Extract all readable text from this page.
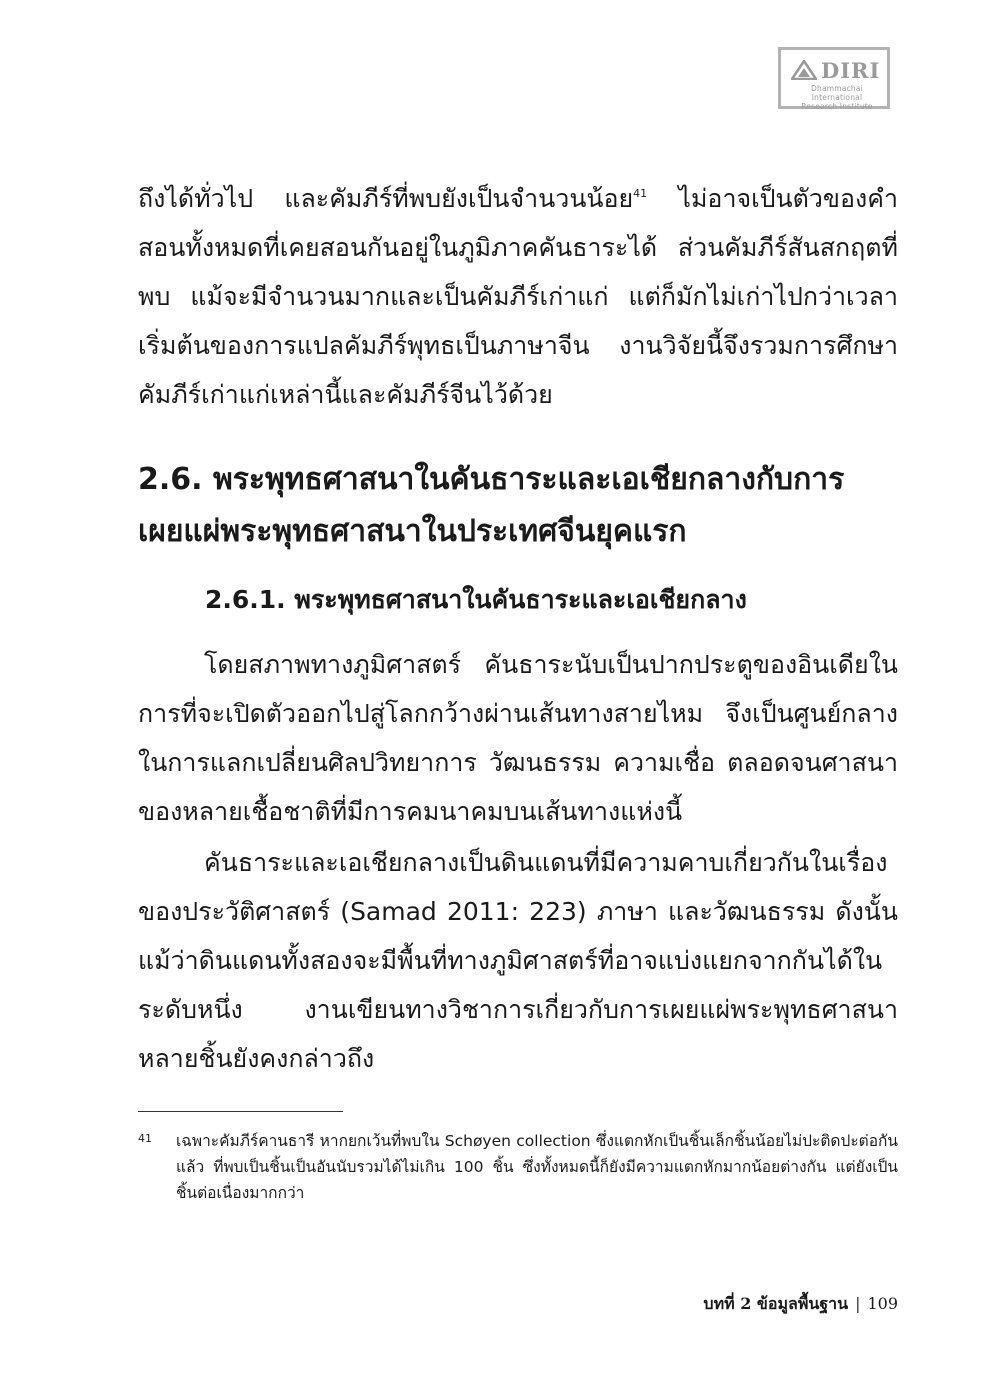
DIRI
Dhammachai International
Research Institute

ถึงได้ทั่วไป และคัมภีร์ที่พบยังเป็นจำนวนน้อย$^{41}$ ไม่อาจเป็นตัวของคำสอนทั้งหมดที่เคยสอนกันอยู่ในภูมิภาคคันธาระได้ ส่วนคัมภีร์สันสกฤตที่พบ แม้จะมีจำนวนมากและเป็นคัมภีร์เก่าแก่ แต่ก็มักไม่เก่าไปกว่าเวลาเริ่มต้นของการแปลคัมภีร์พุทธเป็นภาษาจีน งานวิจัยนี้จึงรวมการศึกษาคัมภีร์เก่าแก่เหล่านี้และคัมภีร์จีนไว้ด้วย

2.6. พระพุทธศาสนาในคันธาระและเอเชียกลางกับการเผยแผ่พระพุทธศาสนาในประเทศจีนยุคแรก
2.6.1. พระพุทธศาสนาในคันธาระและเอเชียกลาง

โดยสภาพทางภูมิศาสตร์ คันธาระนับเป็นปากประตูของอินเดียในการที่จะเปิดตัวออกไปสู่โลกกว้างผ่านเส้นทางสายไหม จึงเป็นศูนย์กลางในการแลกเปลี่ยนศิลปวิทยาการ วัฒนธรรม ความเชื่อ ตลอดจนศาสนาของหลายเชื้อชาติที่มีการคมนาคมบนเส้นทางแห่งนี้

คันธาระและเอเชียกลางเป็นดินแดนที่มีความคาบเกี่ยวกันในเรื่องของประวัติศาสตร์ (Samad 2011: 223) ภาษา และวัฒนธรรม ดังนั้น แม้ว่าดินแดนทั้งสองจะมีพื้นที่ทางภูมิศาสตร์ที่อาจแบ่งแยกจากกันได้ในระดับหนึ่ง งานเขียนทางวิชาการเกี่ยวกับการเผยแผ่พระพุทธศาสนาหลายชิ้นยังคงกล่าวถึง

41 เฉพาะคัมภีร์คานธารี หากยกเว้นที่พบใน Schøyen collection ซึ่งแตกหักเป็นชิ้นเล็กชิ้นน้อยไม่ปะติดปะต่อกันแล้ว ที่พบเป็นชิ้นเป็นอันนับรวมได้ไม่เกิน 100 ชิ้น ซึ่งทั้งหมดนี้ก็ยังมีความแตกหักมากน้อยต่างกัน แต่ยังเป็นชิ้นต่อเนื่องมากกว่า
บทที่ 2 ข้อมูลพื้นฐาน | 109
